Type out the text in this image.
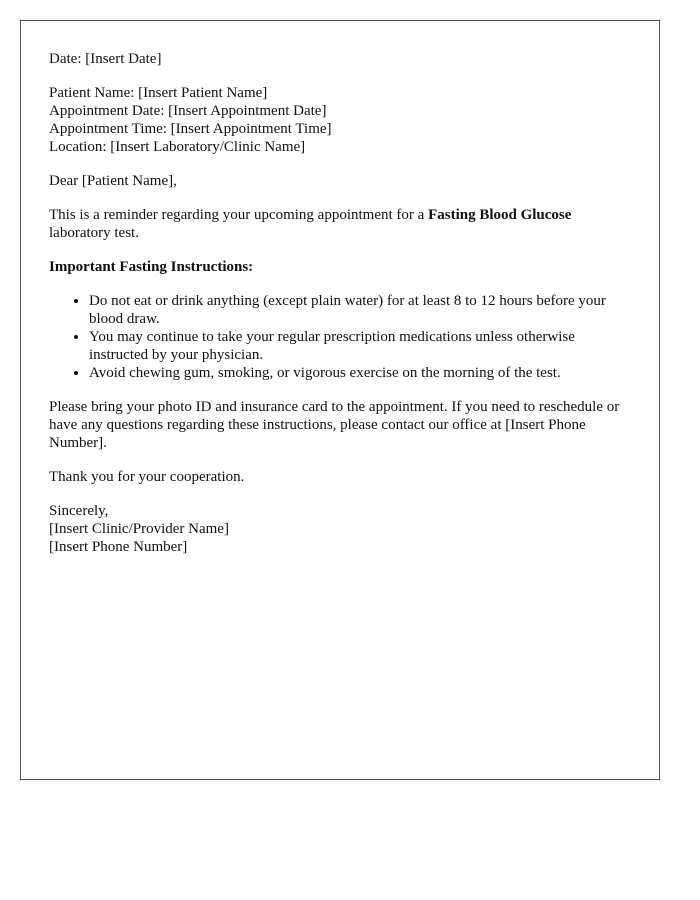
Date: [Insert Date]
Patient Name: [Insert Patient Name]
Appointment Date: [Insert Appointment Date]
Appointment Time: [Insert Appointment Time]
Location: [Insert Laboratory/Clinic Name]

Dear [Patient Name],

This is a reminder regarding your upcoming appointment for a Fasting Blood Glucose laboratory test.

Important Fasting Instructions:

• Do not eat or drink anything (except plain water) for at least 8 to 12 hours before your blood draw.
• You may continue to take your regular prescription medications unless otherwise instructed by your physician.
• Avoid chewing gum, smoking, or vigorous exercise on the morning of the test.

Please bring your photo ID and insurance card to the appointment. If you need to reschedule or have any questions regarding these instructions, please contact our office at [Insert Phone Number].

Thank you for your cooperation.

Sincerely,
[Insert Clinic/Provider Name]
[Insert Phone Number]
